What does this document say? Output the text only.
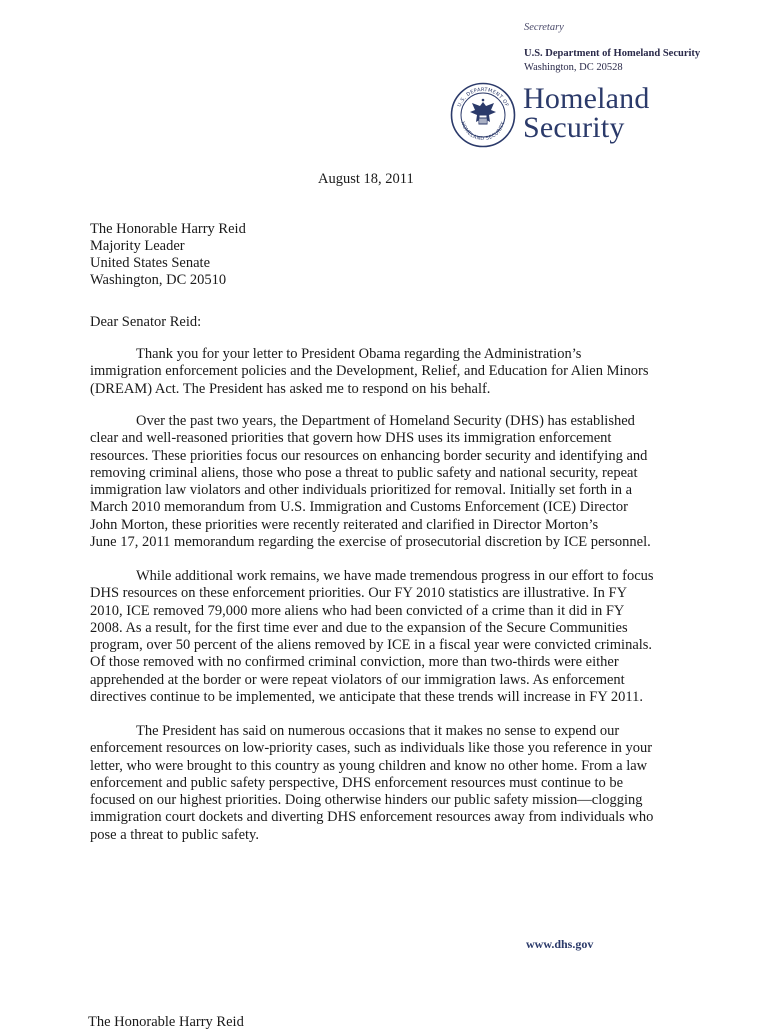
Secretary
U.S. Department of Homeland Security
Washington, DC 20528
U.S. DEPARTMENT OF
HOMELAND SECURITY
Homeland
Security
August 18, 2011
The Honorable Harry Reid
Majority Leader
United States Senate
Washington, DC 20510
Dear Senator Reid:

Thank you for your letter to President Obama regarding the Administration’s
immigration enforcement policies and the Development, Relief, and Education for Alien Minors
(DREAM) Act. The President has asked me to respond on his behalf.

Over the past two years, the Department of Homeland Security (DHS) has established
clear and well-reasoned priorities that govern how DHS uses its immigration enforcement
resources. These priorities focus our resources on enhancing border security and identifying and
removing criminal aliens, those who pose a threat to public safety and national security, repeat
immigration law violators and other individuals prioritized for removal. Initially set forth in a
March 2010 memorandum from U.S. Immigration and Customs Enforcement (ICE) Director
John Morton, these priorities were recently reiterated and clarified in Director Morton’s
June 17, 2011 memorandum regarding the exercise of prosecutorial discretion by ICE personnel.

While additional work remains, we have made tremendous progress in our effort to focus
DHS resources on these enforcement priorities. Our FY 2010 statistics are illustrative. In FY
2010, ICE removed 79,000 more aliens who had been convicted of a crime than it did in FY
2008. As a result, for the first time ever and due to the expansion of the Secure Communities
program, over 50 percent of the aliens removed by ICE in a fiscal year were convicted criminals.
Of those removed with no confirmed criminal conviction, more than two-thirds were either
apprehended at the border or were repeat violators of our immigration laws. As enforcement
directives continue to be implemented, we anticipate that these trends will increase in FY 2011.

The President has said on numerous occasions that it makes no sense to expend our
enforcement resources on low-priority cases, such as individuals like those you reference in your
letter, who were brought to this country as young children and know no other home. From a law
enforcement and public safety perspective, DHS enforcement resources must continue to be
focused on our highest priorities. Doing otherwise hinders our public safety mission—clogging
immigration court dockets and diverting DHS enforcement resources away from individuals who
pose a threat to public safety.

www.dhs.gov
The Honorable Harry Reid
